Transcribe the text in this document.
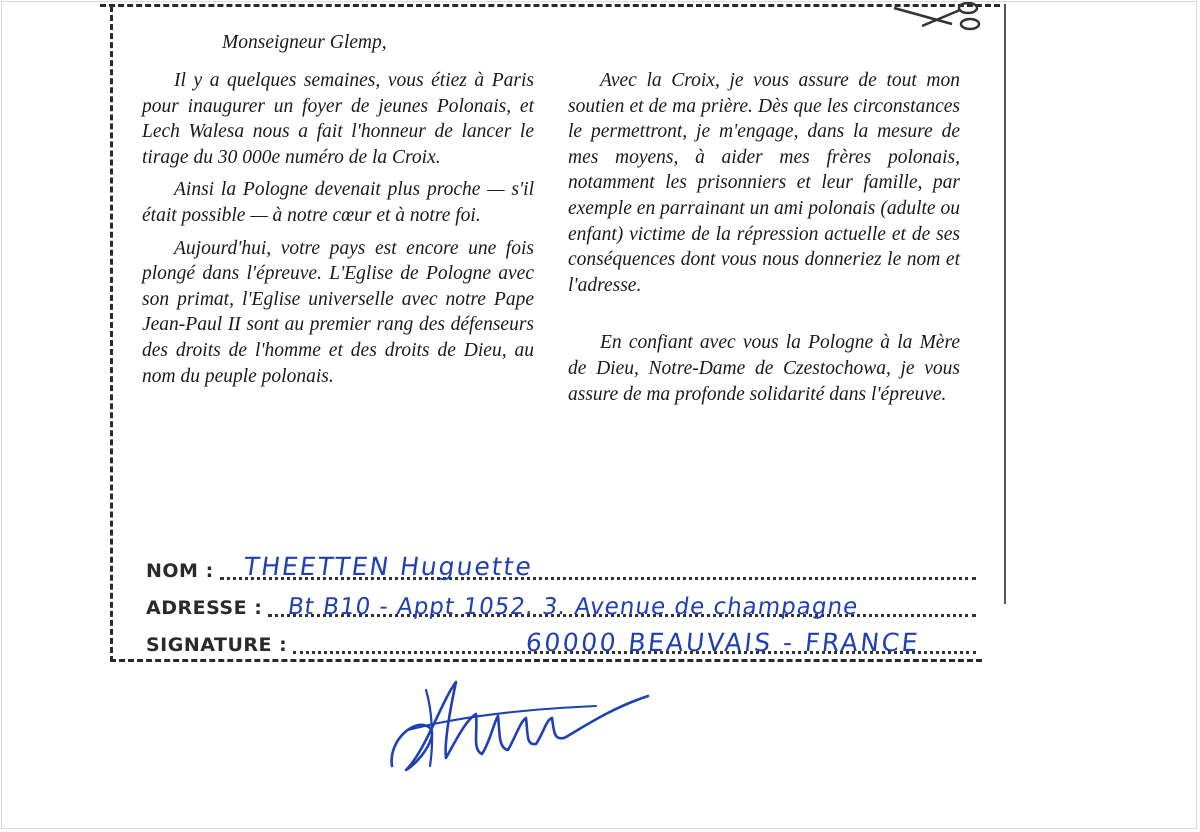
Monseigneur Glemp,

Il y a quelques semaines, vous étiez à Paris pour inaugurer un foyer de jeunes Polonais, et Lech Walesa nous a fait l'honneur de lancer le tirage du 30 000e numéro de la Croix.

Ainsi la Pologne devenait plus proche — s'il était possible — à notre cœur et à notre foi.

Aujourd'hui, votre pays est encore une fois plongé dans l'épreuve. L'Eglise de Pologne avec son primat, l'Eglise universelle avec notre Pape Jean-Paul II sont au premier rang des défenseurs des droits de l'homme et des droits de Dieu, au nom du peuple polonais.

Avec la Croix, je vous assure de tout mon soutien et de ma prière. Dès que les circonstances le permettront, je m'engage, dans la mesure de mes moyens, à aider mes frères polonais, notamment les prisonniers et leur famille, par exemple en parrainant un ami polonais (adulte ou enfant) victime de la répression actuelle et de ses conséquences dont vous nous donneriez le nom et l'adresse.

En confiant avec vous la Pologne à la Mère de Dieu, Notre-Dame de Czestochowa, je vous assure de ma profonde solidarité dans l'épreuve.

NOM : THEETTEN Huguette
ADRESSE : Bt B10 - Appt 1052. 3. Avenue de champagne
SIGNATURE :	60000 BEAUVAIS - FRANCE
